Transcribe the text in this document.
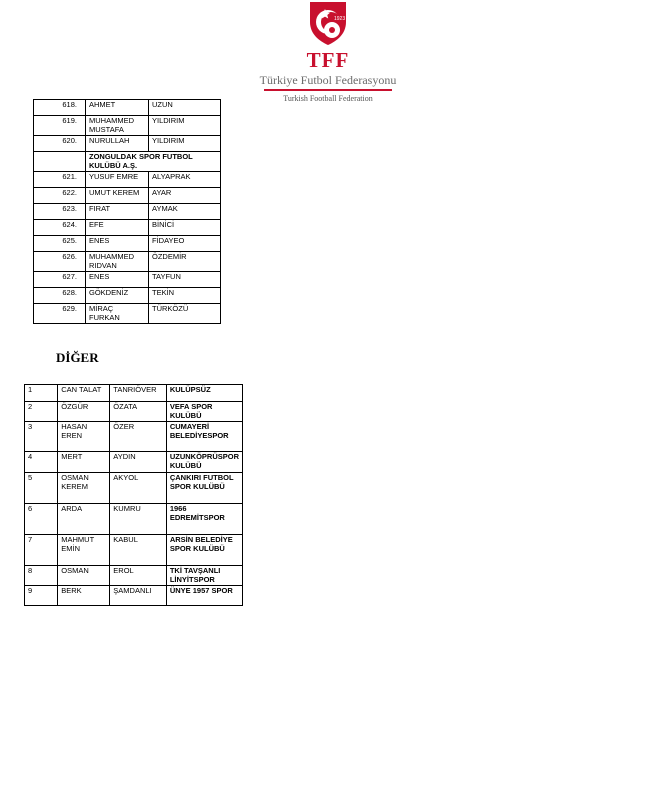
1923
TFF
Türkiye Futbol Federasyonu
Turkish Football Federation
618.	AHMET	UZUN
619.	MUHAMMED MUSTAFA	YILDIRIM
620.	NURULLAH	YILDIRIM
	ZONGULDAK SPOR FUTBOL KULÜBÜ A.Ş.	
621.	YUSUF EMRE	ALYAPRAK
622.	UMUT KEREM	AYAR
623.	FIRAT	AYMAK
624.	EFE	BİNİCİ
625.	ENES	FİDAYEO
626.	MUHAMMED RIDVAN	ÖZDEMİR
627.	ENES	TAYFUN
628.	GÖKDENİZ	TEKİN
629.	MİRAÇ FURKAN	TÜRKÖZÜ
DİĞER
1	CAN TALAT	TANRIÖVER	KULÜPSÜZ
2	ÖZGÜR	ÖZATA	VEFA SPOR KULÜBÜ
3	HASAN EREN	ÖZER	CUMAYERİ BELEDİYESPOR
4	MERT	AYDIN	UZUNKÖPRÜSPOR KULÜBÜ
5	OSMAN KEREM	AKYOL	ÇANKIRI FUTBOL SPOR KULÜBÜ
6	ARDA	KUMRU	1966 EDREMİTSPOR
7	MAHMUT EMİN	KABUL	ARSİN BELEDİYE SPOR KULÜBÜ
8	OSMAN	EROL	TKİ TAVŞANLI LİNYİTSPOR
9	BERK	ŞAMDANLI	ÜNYE 1957 SPOR
